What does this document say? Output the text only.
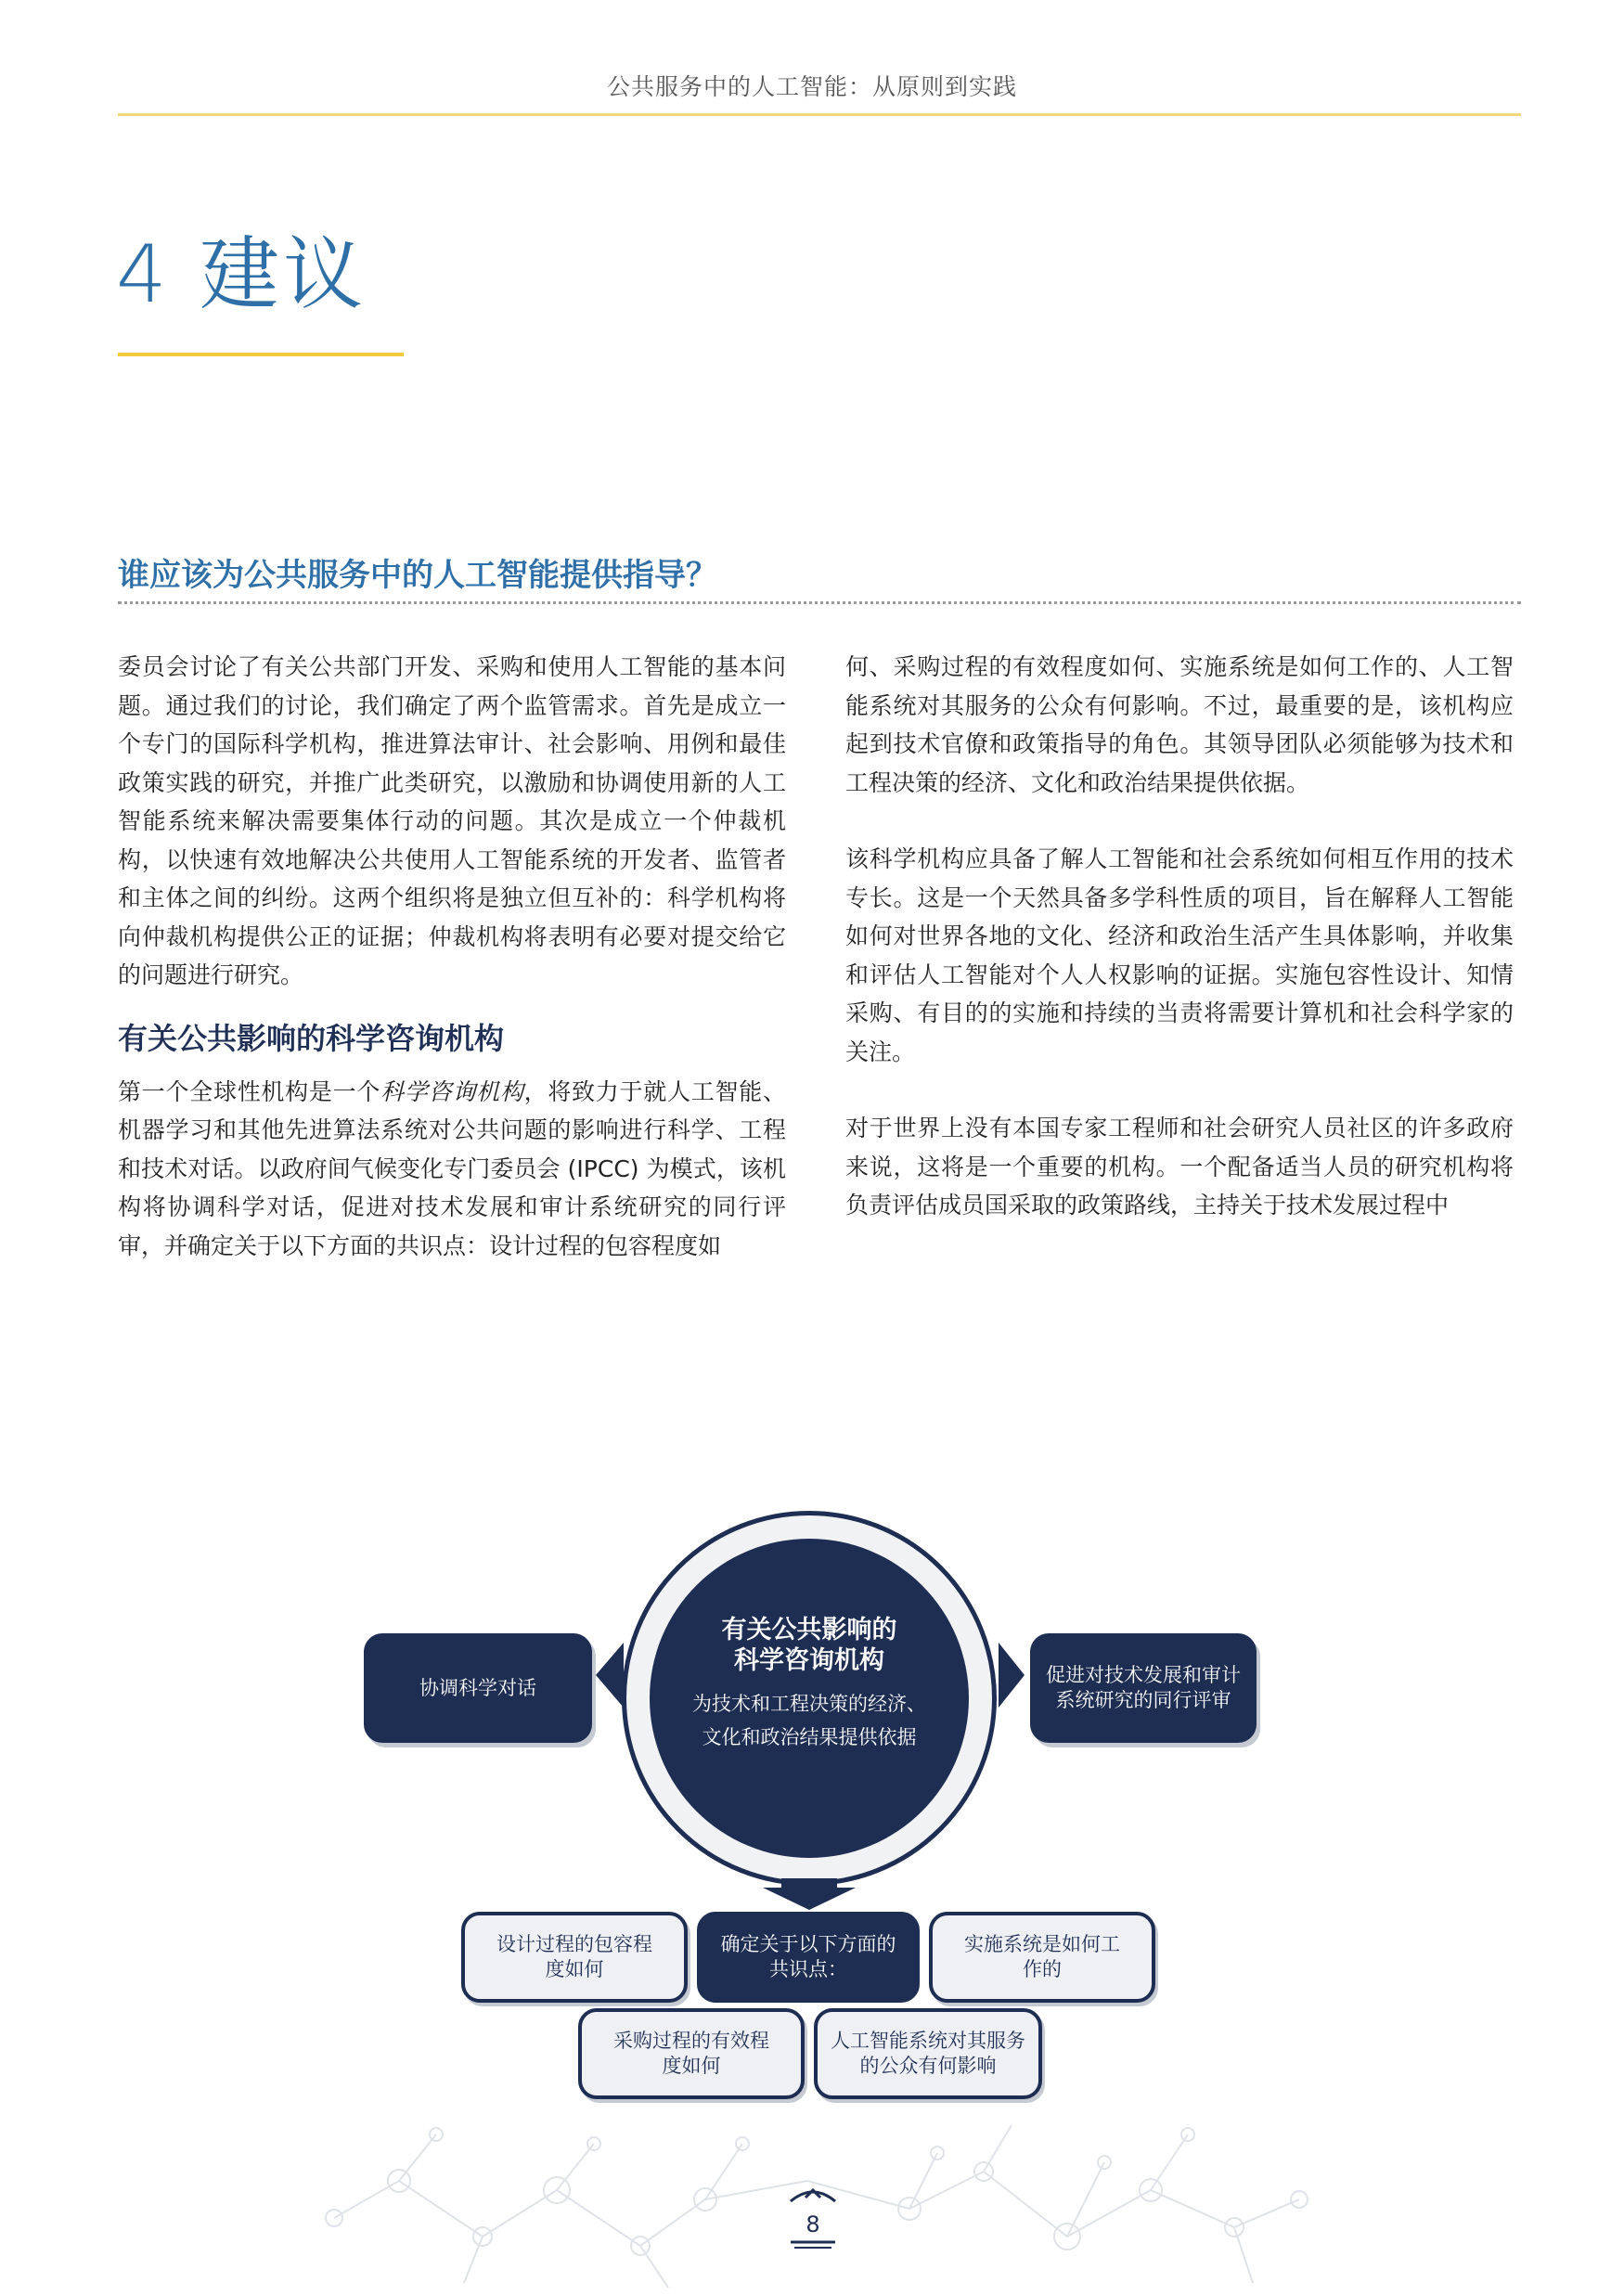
公共服务中的人工智能：从原则到实践
4 建议
谁应该为公共服务中的人工智能提供指导？

委员会讨论了有关公共部门开发、采购和使用人工智能的基本问题。通过我们的讨论，我们确定了两个监管需求。首先是成立一个专门的国际科学机构，推进算法审计、社会影响、用例和最佳政策实践的研究，并推广此类研究，以激励和协调使用新的人工智能系统来解决需要集体行动的问题。其次是成立一个仲裁机构，以快速有效地解决公共使用人工智能系统的开发者、监管者和主体之间的纠纷。这两个组织将是独立但互补的：科学机构将向仲裁机构提供公正的证据；仲裁机构将表明有必要对提交给它的问题进行研究。

有关公共影响的科学咨询机构

第一个全球性机构是一个科学咨询机构，将致力于就人工智能、机器学习和其他先进算法系统对公共问题的影响进行科学、工程和技术对话。以政府间气候变化专门委员会 (IPCC) 为模式，该机构将协调科学对话，促进对技术发展和审计系统研究的同行评审，并确定关于以下方面的共识点：设计过程的包容程度如

何、采购过程的有效程度如何、实施系统是如何工作的、人工智能系统对其服务的公众有何影响。不过，最重要的是，该机构应起到技术官僚和政策指导的角色。其领导团队必须能够为技术和工程决策的经济、文化和政治结果提供依据。

该科学机构应具备了解人工智能和社会系统如何相互作用的技术专长。这是一个天然具备多学科性质的项目，旨在解释人工智能如何对世界各地的文化、经济和政治生活产生具体影响，并收集和评估人工智能对个人人权影响的证据。实施包容性设计、知情采购、有目的的实施和持续的当责将需要计算机和社会科学家的关注。

对于世界上没有本国专家工程师和社会研究人员社区的许多政府来说，这将是一个重要的机构。一个配备适当人员的研究机构将负责评估成员国采取的政策路线，主持关于技术发展过程中

有关公共影响的
科学咨询机构
为技术和工程决策的经济、
文化和政治结果提供依据
协调科学对话
促进对技术发展和审计
系统研究的同行评审
设计过程的包容程
度如何
确定关于以下方面的
共识点：
实施系统是如何工
作的
采购过程的有效程
度如何
人工智能系统对其服务
的公众有何影响
8
